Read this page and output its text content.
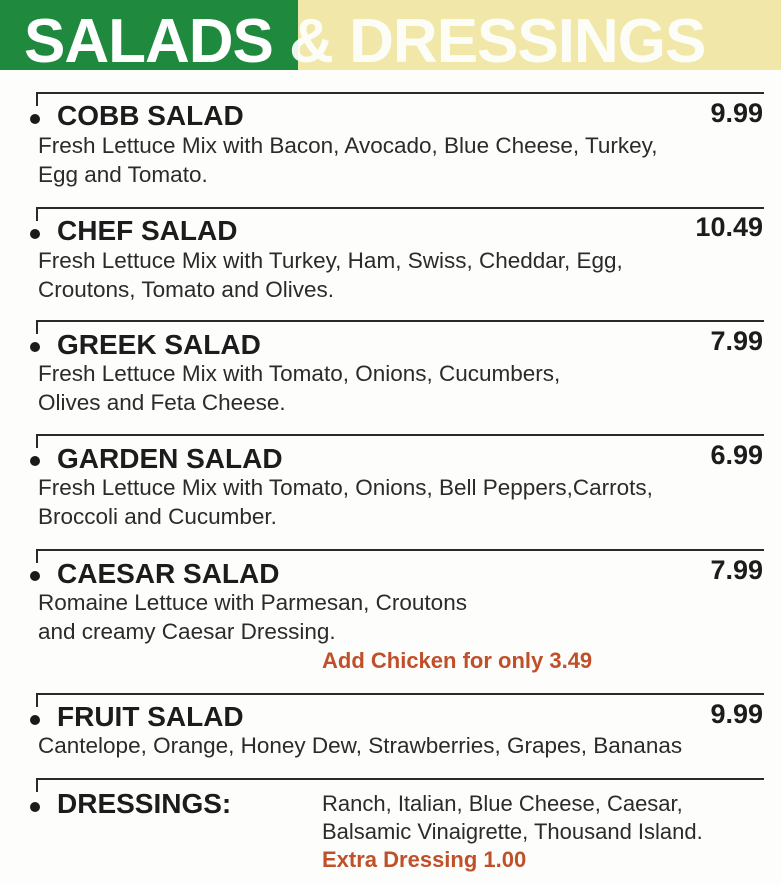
SALADS & DRESSINGS
COBB SALAD	9.99
Fresh Lettuce Mix with Bacon, Avocado, Blue Cheese, Turkey,
Egg and Tomato.
CHEF SALAD	10.49
Fresh Lettuce Mix with Turkey, Ham, Swiss, Cheddar, Egg,
Croutons, Tomato and Olives.
GREEK SALAD	7.99
Fresh Lettuce Mix with Tomato, Onions, Cucumbers,
Olives and Feta Cheese.
GARDEN SALAD	6.99
Fresh Lettuce Mix with Tomato, Onions, Bell Peppers,Carrots,
Broccoli and Cucumber.
CAESAR SALAD	7.99
Romaine Lettuce with Parmesan, Croutons
and creamy Caesar Dressing.
Add Chicken for only 3.49
FRUIT SALAD	9.99
Cantelope, Orange, Honey Dew, Strawberries, Grapes, Bananas
DRESSINGS:	Ranch, Italian, Blue Cheese, Caesar,
Balsamic Vinaigrette, Thousand Island.
Extra Dressing 1.00
